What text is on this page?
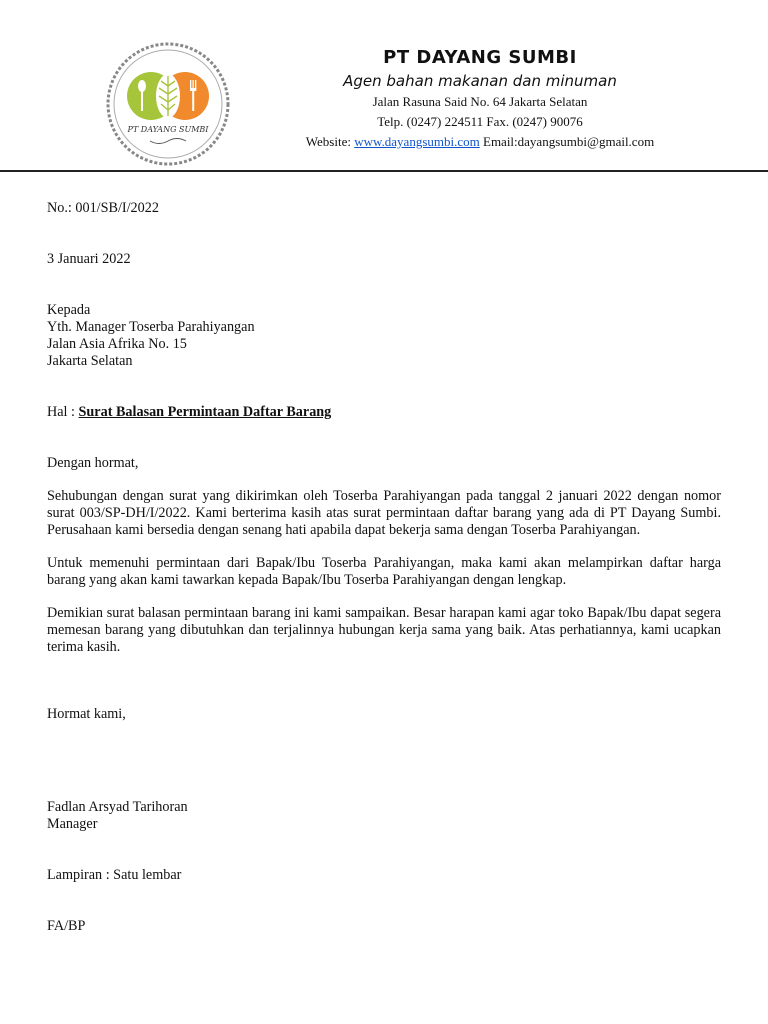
PT DAYANG SUMBI
PT DAYANG SUMBI
Agen bahan makanan dan minuman
Jalan Rasuna Said No. 64 Jakarta Selatan
Telp. (0247) 224511 Fax. (0247) 90076
Website: www.dayangsumbi.com Email:dayangsumbi@gmail.com

No.: 001/SB/I/2022

3 Januari 2022

Kepada

Yth. Manager Toserba Parahiyangan

Jalan Asia Afrika No. 15

Jakarta Selatan

Hal : Surat Balasan Permintaan Daftar Barang

Dengan hormat,

Sehubungan dengan surat yang dikirimkan oleh Toserba Parahiyangan pada tanggal 2 januari 2022 dengan nomor surat 003/SP-DH/I/2022. Kami berterima kasih atas surat permintaan daftar barang yang ada di PT Dayang Sumbi. Perusahaan kami bersedia dengan senang hati apabila dapat bekerja sama dengan Toserba Parahiyangan.

Untuk memenuhi permintaan dari Bapak/Ibu Toserba Parahiyangan, maka kami akan melampirkan daftar harga barang yang akan kami tawarkan kepada Bapak/Ibu Toserba Parahiyangan dengan lengkap.

Demikian surat balasan permintaan barang ini kami sampaikan. Besar harapan kami agar toko Bapak/Ibu dapat segera memesan barang yang dibutuhkan dan terjalinnya hubungan kerja sama yang baik. Atas perhatiannya, kami ucapkan terima kasih.

Hormat kami,

Fadlan Arsyad Tarihoran

Manager

Lampiran : Satu lembar

FA/BP
